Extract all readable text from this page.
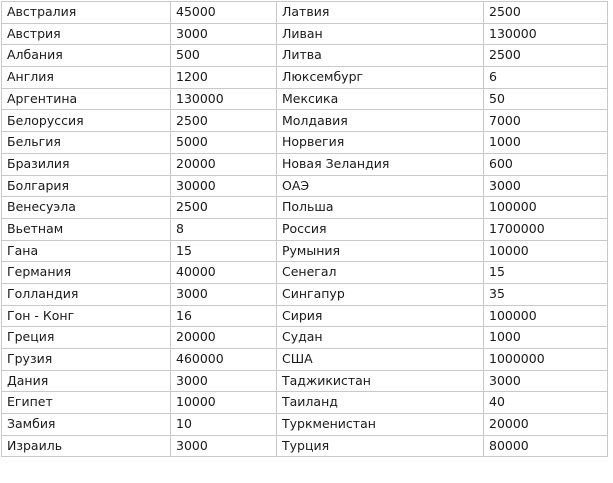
Австралия	45000	Латвия	2500
Австрия	3000	Ливан	130000
Албания	500	Литва	2500
Англия	1200	Люксембург	6
Аргентина	130000	Мексика	50
Белоруссия	2500	Молдавия	7000
Бельгия	5000	Норвегия	1000
Бразилия	20000	Новая Зеландия	600
Болгария	30000	ОАЭ	3000
Венесуэла	2500	Польша	100000
Вьетнам	8	Россия	1700000
Гана	15	Румыния	10000
Германия	40000	Сенегал	15
Голландия	3000	Сингапур	35
Гон - Конг	16	Сирия	100000
Греция	20000	Судан	1000
Грузия	460000	США	1000000
Дания	3000	Таджикистан	3000
Египет	10000	Таиланд	40
Замбия	10	Туркменистан	20000
Израиль	3000	Турция	80000
